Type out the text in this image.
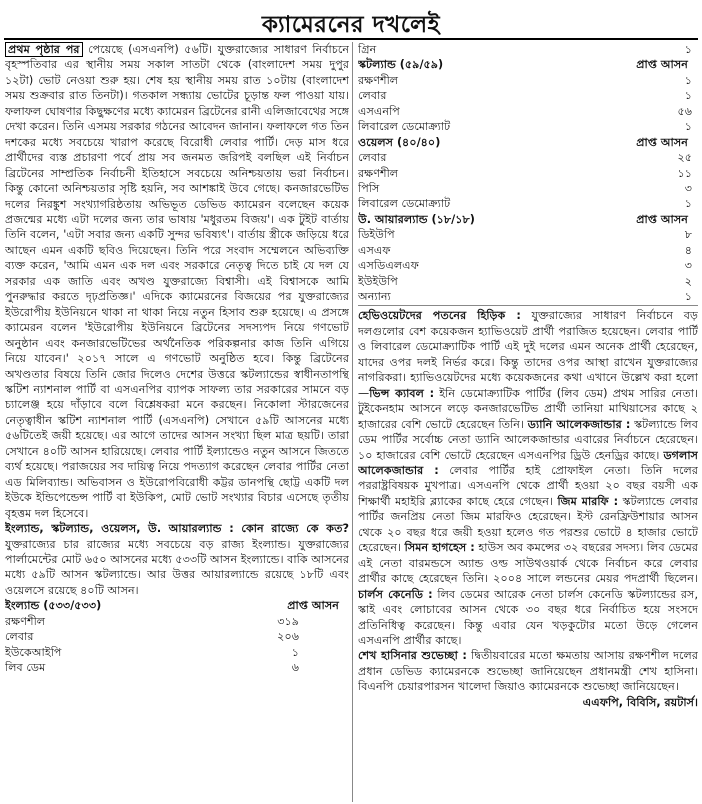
ক্যামেরনের দখলেই

প্রথম পৃষ্ঠার পর পেয়েছে (এসএনপি) ৫৬টি। যুক্তরাজ্যের সাধারণ নির্বাচনে বৃহস্পতিবার এর স্থানীয় সময় সকাল সাতটা থেকে (বাংলাদেশ সময় দুপুর ১২টা) ভোট নেওয়া শুরু হয়। শেষ হয় স্থানীয় সময় রাত ১০টায় (বাংলাদেশ সময় শুক্রবার রাত তিনটা)। গতকাল সন্ধ্যায় ভোটের চূড়ান্ত ফল পাওয়া যায়। ফলাফল ঘোষণার কিছুক্ষণের মধ্যে ক্যামেরন ব্রিটেনের রানী এলিজাবেথের সঙ্গে দেখা করেন। তিনি এসময় সরকার গঠনের আবেদন জানান। ফলাফলে গত তিন দশকের মধ্যে সবচেয়ে খারাপ করেছে বিরোধী লেবার পার্টি। দেড় মাস ধরে প্রার্থীদের ব্যস্ত প্রচারণা পর্বে প্রায় সব জনমত জরিপই বলছিল এই নির্বাচন ব্রিটেনের সাম্প্রতিক নির্বাচনী ইতিহাসে সবচেয়ে অনিশ্চয়তায় ভরা নির্বাচন। কিন্তু কোনো অনিশ্চয়তার সৃষ্টি হয়নি, সব আশঙ্কাই উবে গেছে। কনজারভেটিভ দলের নিরঙ্কুশ সংখ্যাগরিষ্ঠতায় অভিভূত ডেভিড ক্যামেরন বলেছেন কয়েক প্রজন্মের মধ্যে এটা দলের জন্য তার ভাষায় 'মধুরতম বিজয়'। এক টুইট বার্তায় তিনি বলেন, 'এটা সবার জন্য একটি সুন্দর ভবিষ্যৎ'। বার্তায় স্ত্রীকে জড়িয়ে ধরে আছেন এমন একটি ছবিও দিয়েছেন। তিনি পরে সংবাদ সম্মেলনে অভিব্যক্তি ব্যক্ত করেন, 'আমি এমন এক দল এবং সরকারে নেতৃত্ব দিতে চাই যে দল যে সরকার এক জাতি এবং অখণ্ড যুক্তরাজ্যে বিশ্বাসী। এই বিশ্বাসকে আমি পুনরুদ্ধার করতে দৃঢ়প্রতিজ্ঞ।' এদিকে ক্যামেরনের বিজয়ের পর যুক্তরাজ্যের ইউরোপীয় ইউনিয়নে থাকা না থাকা নিয়ে নতুন হিসাব শুরু হয়েছে। এ প্রসঙ্গে ক্যামেরন বলেন 'ইউরোপীয় ইউনিয়নে ব্রিটেনের সদস্যপদ নিয়ে গণভোট অনুষ্ঠান এবং কনজারভেটিভের অর্থনৈতিক পরিকল্পনার কাজ তিনি এগিয়ে নিয়ে যাবেন।' ২০১৭ সালে এ গণভোট অনুষ্ঠিত হবে। কিন্তু ব্রিটেনের অখণ্ডতার বিষয়ে তিনি জোর দিলেও দেশের উত্তরে স্কটল্যান্ডের স্বাধীনতাপন্থি স্কটিশ ন্যাশনাল পার্টি বা এসএনপির ব্যাপক সাফল্য তার সরকারের সামনে বড় চ্যালেঞ্জ হয়ে দাঁড়াবে বলে বিশ্লেষকরা মনে করছেন। নিকোলা স্টারজেনের নেতৃত্বাধীন স্কটিশ ন্যাশনাল পার্টি (এসএনপি) সেখানে ৫৯টি আসনের মধ্যে ৫৬টিতেই জয়ী হয়েছে। এর আগে তাদের আসন সংখ্যা ছিল মাত্র ছয়টি। তারা সেখানে ৪০টি আসন হারিয়েছে। লেবার পার্টি ইল্যান্ডেও নতুন আসনে জিততে ব্যর্থ হয়েছে। পরাজয়ের সব দায়িত্ব নিয়ে পদত্যাগ করেছেন লেবার পার্টির নেতা এড মিলিব্যান্ড। অভিবাসন ও ইউরোপবিরোধী কট্টর ডানপন্থি ছোট্ট একটি দল ইউকে ইন্ডিপেন্ডেন্স পার্টি বা ইউকিপ, মোট ভোট সংখ্যার বিচার এসেছে তৃতীয় বৃহত্তম দল হিসেবে।

ইংল্যান্ড, স্কটল্যান্ড, ওয়েলস, উ. আয়ারল্যান্ড : কোন রাজ্যে কে কত? যুক্তরাজ্যের চার রাজ্যের মধ্যে সবচেয়ে বড় রাজ্য ইংল্যান্ড। যুক্তরাজ্যের পার্লামেন্টের মোট ৬৫০ আসনের মধ্যে ৫৩৩টি আসন ইংল্যান্ডে। বাকি আসনের মধ্যে ৫৯টি আসন স্কটল্যান্ডে। আর উত্তর আয়ারল্যান্ডে রয়েছে ১৮টি এবং ওয়েলসে রয়েছে ৪০টি আসন।

ইংল্যান্ড (৫৩৩/৫৩৩)	প্রাপ্ত আসন
রক্ষণশীল	৩১৯
লেবার	২০৬
ইউকেআইপি	১
লিব ডেম	৬
গ্রিন	১
স্কটল্যান্ড (৫৯/৫৯)	প্রাপ্ত আসন
রক্ষণশীল	১
লেবার	১
এসএনপি	৫৬
লিবারেল ডেমোক্র্যাট	১
ওয়েলস (৪০/৪০)	প্রাপ্ত আসন
লেবার	২৫
রক্ষণশীল	১১
পিসি	৩
লিবারেল ডেমোক্র্যাট	১
উ. আয়ারল্যান্ড (১৮/১৮)	প্রাপ্ত আসন
ডিইউপি	৮
এসএফ	৪
এসডিএলএফ	৩
ইউইউপি	২
অন্যান্য	১

হেভিওয়েটদের পতনের হিড়িক : যুক্তরাজ্যের সাধারণ নির্বাচনে বড় দলগুলোর বেশ কয়েকজন হ্যাভিওয়েট প্রার্থী পরাজিত হয়েছেন। লেবার পার্টি ও লিবারেল ডেমোক্র্যাটিক পার্টি এই দুই দলের এমন অনেক প্রার্থী হেরেছেন, যাদের ওপর দলই নির্ভর করে। কিন্তু তাদের ওপর আস্থা রাখেন যুক্তরাজ্যের নাগরিকরা। হ্যাভিওয়েটদের মধ্যে কয়েকজনের কথা এখানে উল্লেখ করা হলো—ভিন্স ক্যাবল : ইনি ডেমোক্র্যাটিক পার্টির (লিব ডেম) প্রথম সারির নেতা। টুইকেনহাম আসনে লড়ে কনজারভেটিভ প্রার্থী তানিয়া মাথিয়াসের কাছে ২ হাজারের বেশি ভোটে হেরেছেন তিনি। ড্যানি আলেকজান্ডার : স্কটল্যান্ডে লিব ডেম পার্টির সর্বোচ্চ নেতা ড্যানি আলেকজান্ডার এবারের নির্বাচনে হেরেছেন। ১০ হাজারের বেশি ভোটে হেরেছেন এসএনপির ড্রিউ হেনড্রির কাছে। ডগলাস আলেকজান্ডার : লেবার পার্টির হাই প্রোফাইল নেতা। তিনি দলের পররাষ্ট্রবিষয়ক মুখপাত্র। এসএনপি থেকে প্রার্থী হওয়া ২০ বছর বয়সী এক শিক্ষার্থী মহাইরি ব্ল্যাকের কাছে হেরে গেছেন। জিম মারফি : স্কটল্যান্ডে লেবার পার্টির জনপ্রিয় নেতা জিম মারফিও হেরেছেন। ইস্ট রেনফ্রিউশায়ার আসন থেকে ২০ বছর ধরে জয়ী হওয়া হলেও গত পরশুর ভোটে ৪ হাজার ভোটে হেরেছেন। সিমন হাগহেস : হাউস অব কমন্সের ৩২ বছরের সদস্য। লিব ডেমের এই নেতা বারমন্ডসে অ্যান্ড ওল্ড সাউথওয়ার্ক থেকে নির্বাচন করে লেবার প্রার্থীর কাছে হেরেছেন তিনি। ২০০৪ সালে লন্ডনের মেয়র পদপ্রার্থী ছিলেন। চার্লস কেনেডি : লিব ডেমের আরেক নেতা চার্লস কেনেডি স্কটল্যান্ডের রস, স্কাই এবং লোচাবের আসন থেকে ৩০ বছর ধরে নির্বাচিত হয়ে সংসদে প্রতিনিধিত্ব করেছেন। কিন্তু এবার যেন খড়কুটোর মতো উড়ে গেলেন এসএনপি প্রার্থীর কাছে।

শেখ হাসিনার শুভেচ্ছা : দ্বিতীয়বারের মতো ক্ষমতায় আসায় রক্ষণশীল দলের প্রধান ডেভিড ক্যামেরনকে শুভেচ্ছা জানিয়েছেন প্রধানমন্ত্রী শেখ হাসিনা। বিএনপি চেয়ারপারসন খালেদা জিয়াও ক্যামেরনকে শুভেচ্ছা জানিয়েছেন।

এএফপি, বিবিসি, রয়টার্স।
